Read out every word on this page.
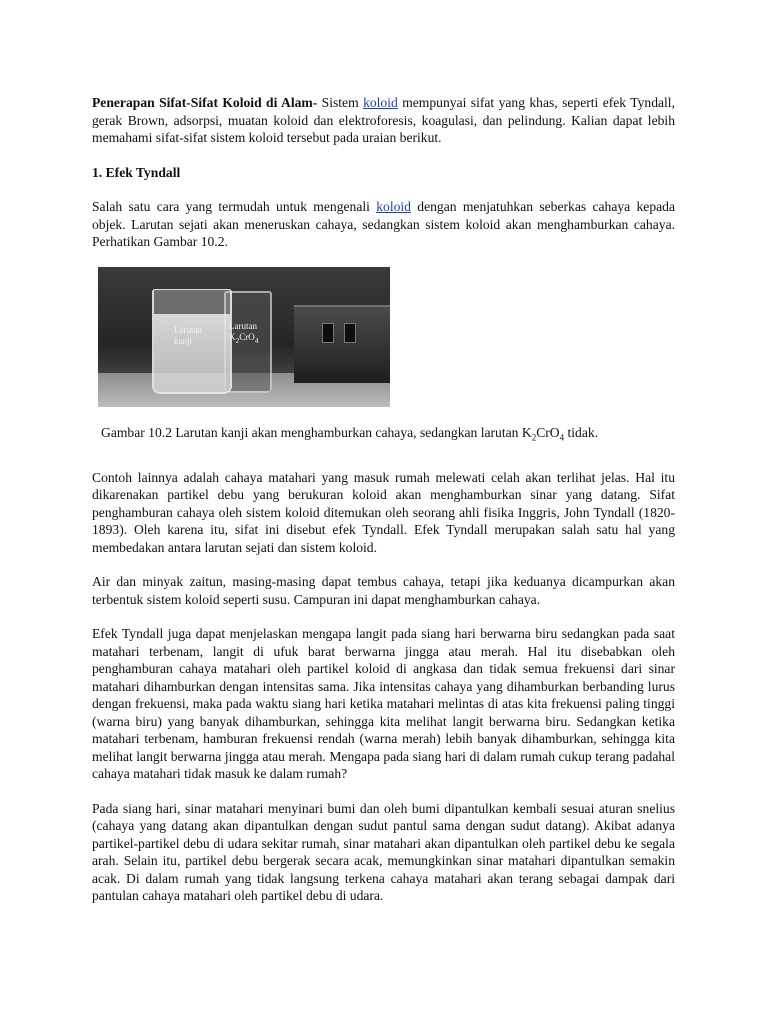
Penerapan Sifat-Sifat Koloid di Alam- Sistem koloid mempunyai sifat yang khas, seperti efek Tyndall, gerak Brown, adsorpsi, muatan koloid dan elektroforesis, koagulasi, dan pelindung. Kalian dapat lebih memahami sifat-sifat sistem koloid tersebut pada uraian berikut.

1. Efek Tyndall

Salah satu cara yang termudah untuk mengenali koloid dengan menjatuhkan seberkas cahaya kepada objek. Larutan sejati akan meneruskan cahaya, sedangkan sistem koloid akan menghamburkan cahaya. Perhatikan Gambar 10.2.

Larutan
kanji
Larutan
$K_2CrO_4$

Gambar 10.2 Larutan kanji akan menghamburkan cahaya, sedangkan larutan $K_2CrO_4$ tidak.

Contoh lainnya adalah cahaya matahari yang masuk rumah melewati celah akan terlihat jelas. Hal itu dikarenakan partikel debu yang berukuran koloid akan menghamburkan sinar yang datang. Sifat penghamburan cahaya oleh sistem koloid ditemukan oleh seorang ahli fisika Inggris, John Tyndall (1820-1893). Oleh karena itu, sifat ini disebut efek Tyndall. Efek Tyndall merupakan salah satu hal yang membedakan antara larutan sejati dan sistem koloid.

Air dan minyak zaitun, masing-masing dapat tembus cahaya, tetapi jika keduanya dicampurkan akan terbentuk sistem koloid seperti susu. Campuran ini dapat menghamburkan cahaya.

Efek Tyndall juga dapat menjelaskan mengapa langit pada siang hari berwarna biru sedangkan pada saat matahari terbenam, langit di ufuk barat berwarna jingga atau merah. Hal itu disebabkan oleh penghamburan cahaya matahari oleh partikel koloid di angkasa dan tidak semua frekuensi dari sinar matahari dihamburkan dengan intensitas sama. Jika intensitas cahaya yang dihamburkan berbanding lurus dengan frekuensi, maka pada waktu siang hari ketika matahari melintas di atas kita frekuensi paling tinggi (warna biru) yang banyak dihamburkan, sehingga kita melihat langit berwarna biru. Sedangkan ketika matahari terbenam, hamburan frekuensi rendah (warna merah) lebih banyak dihamburkan, sehingga kita melihat langit berwarna jingga atau merah. Mengapa pada siang hari di dalam rumah cukup terang padahal cahaya matahari tidak masuk ke dalam rumah?

Pada siang hari, sinar matahari menyinari bumi dan oleh bumi dipantulkan kembali sesuai aturan snelius (cahaya yang datang akan dipantulkan dengan sudut pantul sama dengan sudut datang). Akibat adanya partikel-partikel debu di udara sekitar rumah, sinar matahari akan dipantulkan oleh partikel debu ke segala arah. Selain itu, partikel debu bergerak secara acak, memungkinkan sinar matahari dipantulkan semakin acak. Di dalam rumah yang tidak langsung terkena cahaya matahari akan terang sebagai dampak dari pantulan cahaya matahari oleh partikel debu di udara.
